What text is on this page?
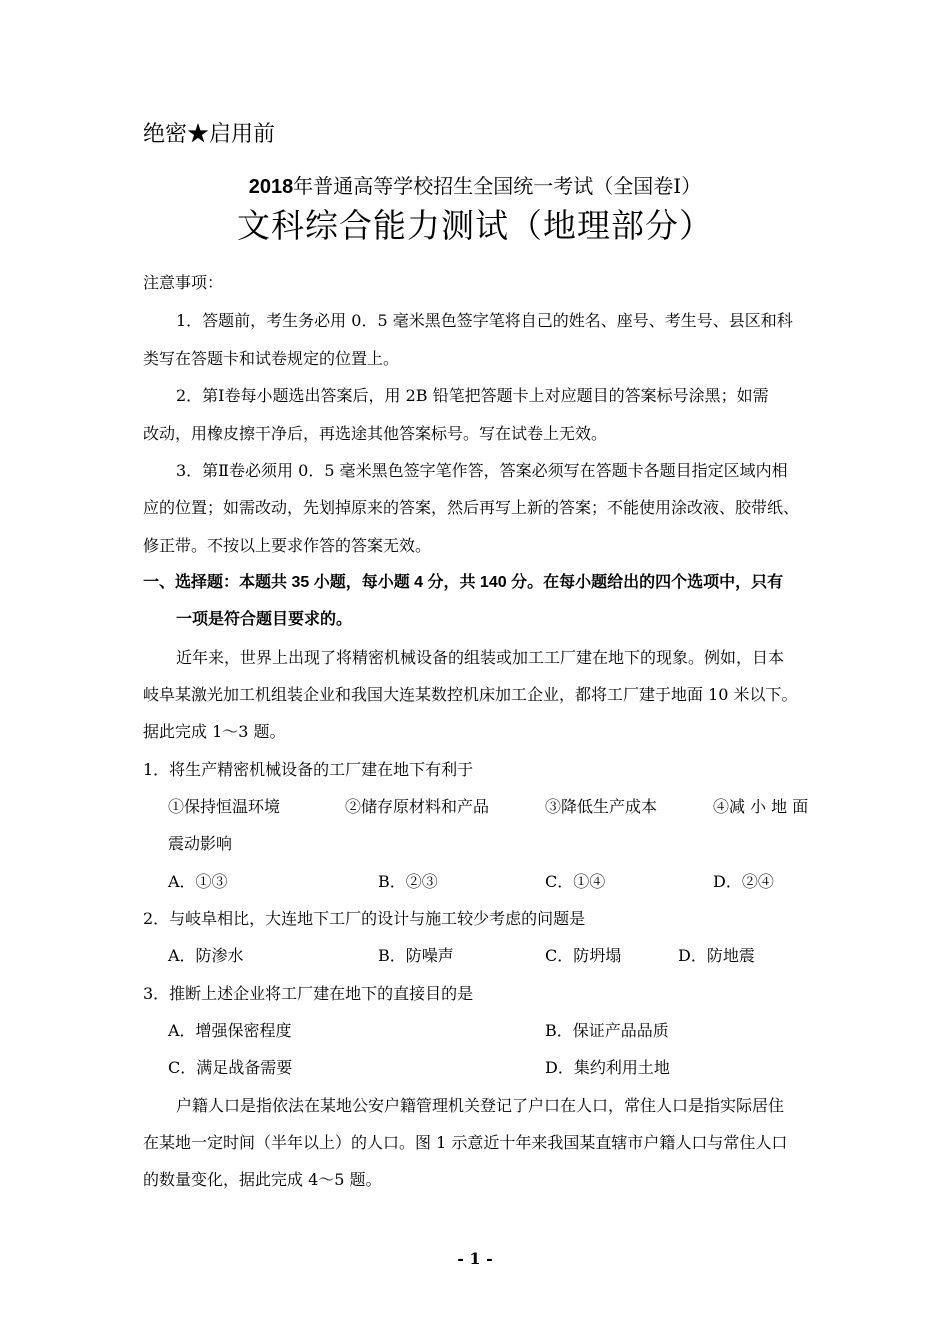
绝密★启用前
2018年普通高等学校招生全国统一考试（全国卷Ⅰ）
文科综合能力测试（地理部分）
注意事项：
1．答题前，考生务必用 0．5 毫米黑色签字笔将自己的姓名、座号、考生号、县区和科
类写在答题卡和试卷规定的位置上。
2．第Ⅰ卷每小题选出答案后，用 2B 铅笔把答题卡上对应题目的答案标号涂黑；如需
改动，用橡皮擦干净后，再选途其他答案标号。写在试卷上无效。
3．第Ⅱ卷必须用 0．5 毫米黑色签字笔作答，答案必须写在答题卡各题目指定区域内相
应的位置；如需改动，先划掉原来的答案，然后再写上新的答案；不能使用涂改液、胶带纸、
修正带。不按以上要求作答的答案无效。
一、选择题：本题共 35 小题，每小题 4 分，共 140 分。在每小题给出的四个选项中，只有
一项是符合题目要求的。
近年来，世界上出现了将精密机械设备的组装或加工工厂建在地下的现象。例如，日本
岐阜某激光加工机组装企业和我国大连某数控机床加工企业，都将工厂建于地面 10 米以下。
据此完成 1～3 题。
1．将生产精密机械设备的工厂建在地下有利于
①保持恒温环境	②储存原材料和产品	③降低生产成本	④减 小 地 面
震动影响
A．①③	B．②③	C．①④	D．②④
2．与岐阜相比，大连地下工厂的设计与施工较少考虑的问题是
A．防渗水	B．防噪声	C．防坍塌	D．防地震
3．推断上述企业将工厂建在地下的直接目的是
A．增强保密程度	B．保证产品品质
C．满足战备需要	D．集约利用土地
户籍人口是指依法在某地公安户籍管理机关登记了户口在人口，常住人口是指实际居住
在某地一定时间（半年以上）的人口。图 1 示意近十年来我国某直辖市户籍人口与常住人口
的数量变化，据此完成 4～5 题。
- 1 -
